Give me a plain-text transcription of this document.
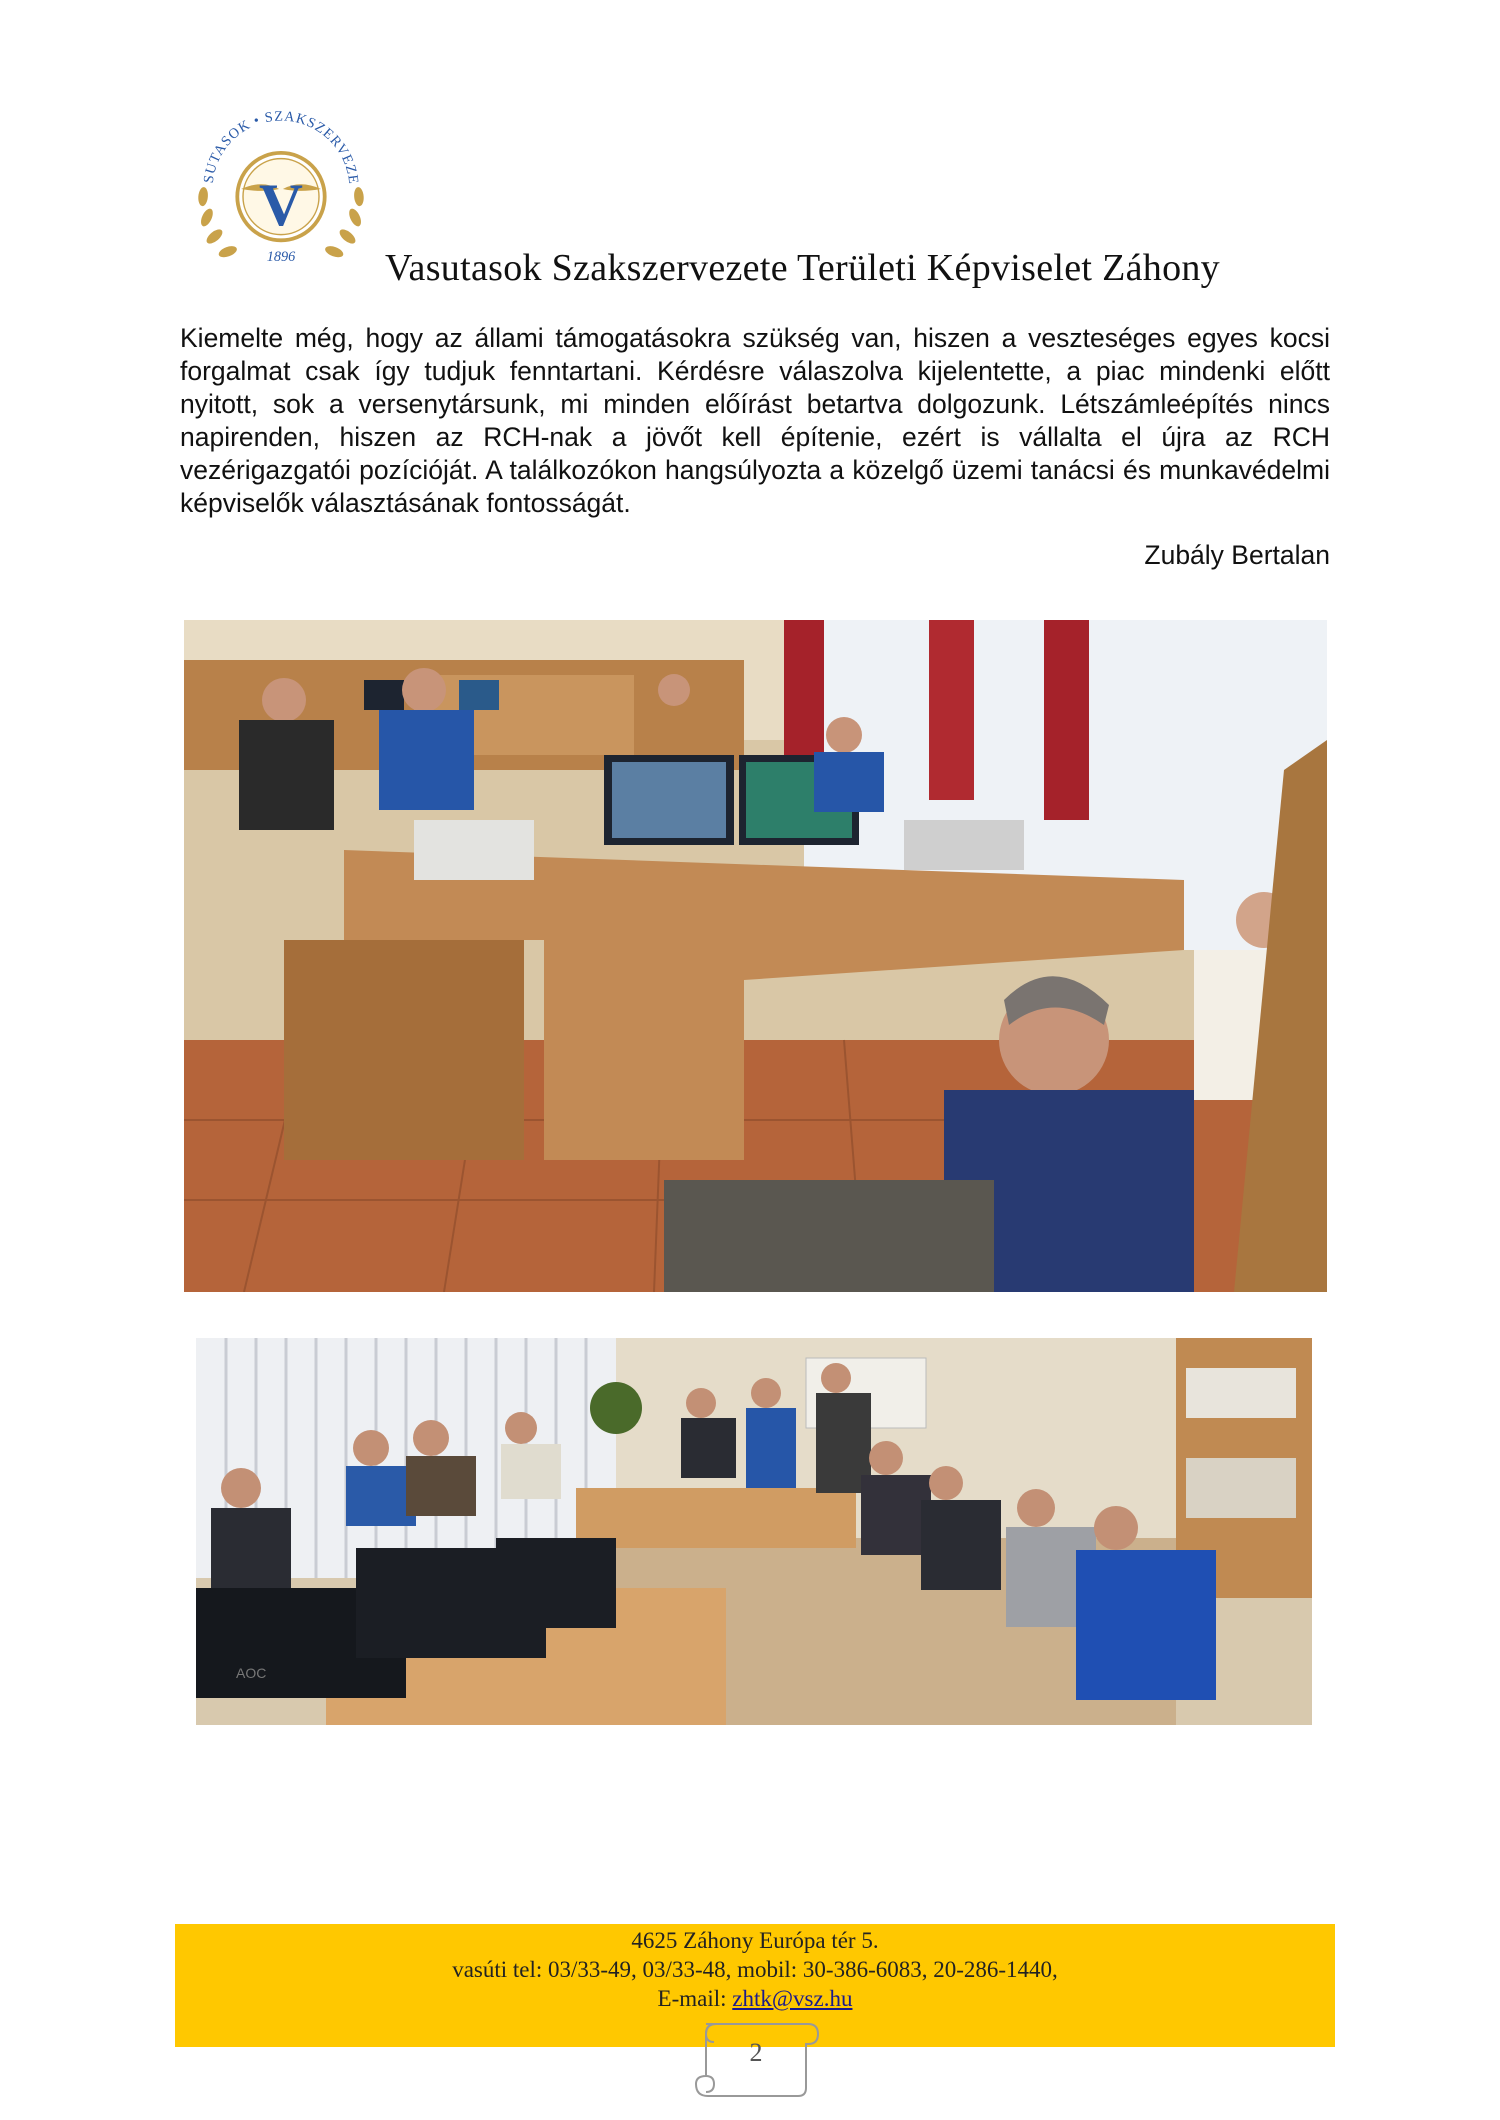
V
SUTASOK • SZAKSZERVEZE
1896 Vasutasok Szakszervezete Területi Képviselet Záhony

Kiemelte még, hogy az állami támogatásokra szükség van, hiszen a veszteséges egyes kocsi forgalmat csak így tudjuk fenntartani. Kérdésre válaszolva kijelentette, a piac mindenki előtt nyitott, sok a versenytársunk, mi minden előírást betartva dolgozunk. Létszámleépítés nincs napirenden, hiszen az RCH-nak a jövőt kell építenie, ezért is vállalta el újra az RCH vezérigazgatói pozícióját. A találkozókon hangsúlyozta a közelgő üzemi tanácsi és munkavédelmi képviselők választásának fontosságát.

Zubály Bertalan
AOC
4625 Záhony Európa tér 5.
vasúti tel: 03/33-49, 03/33-48, mobil: 30-386-6083, 20-286-1440,
E-mail: zhtk@vsz.hu
2
